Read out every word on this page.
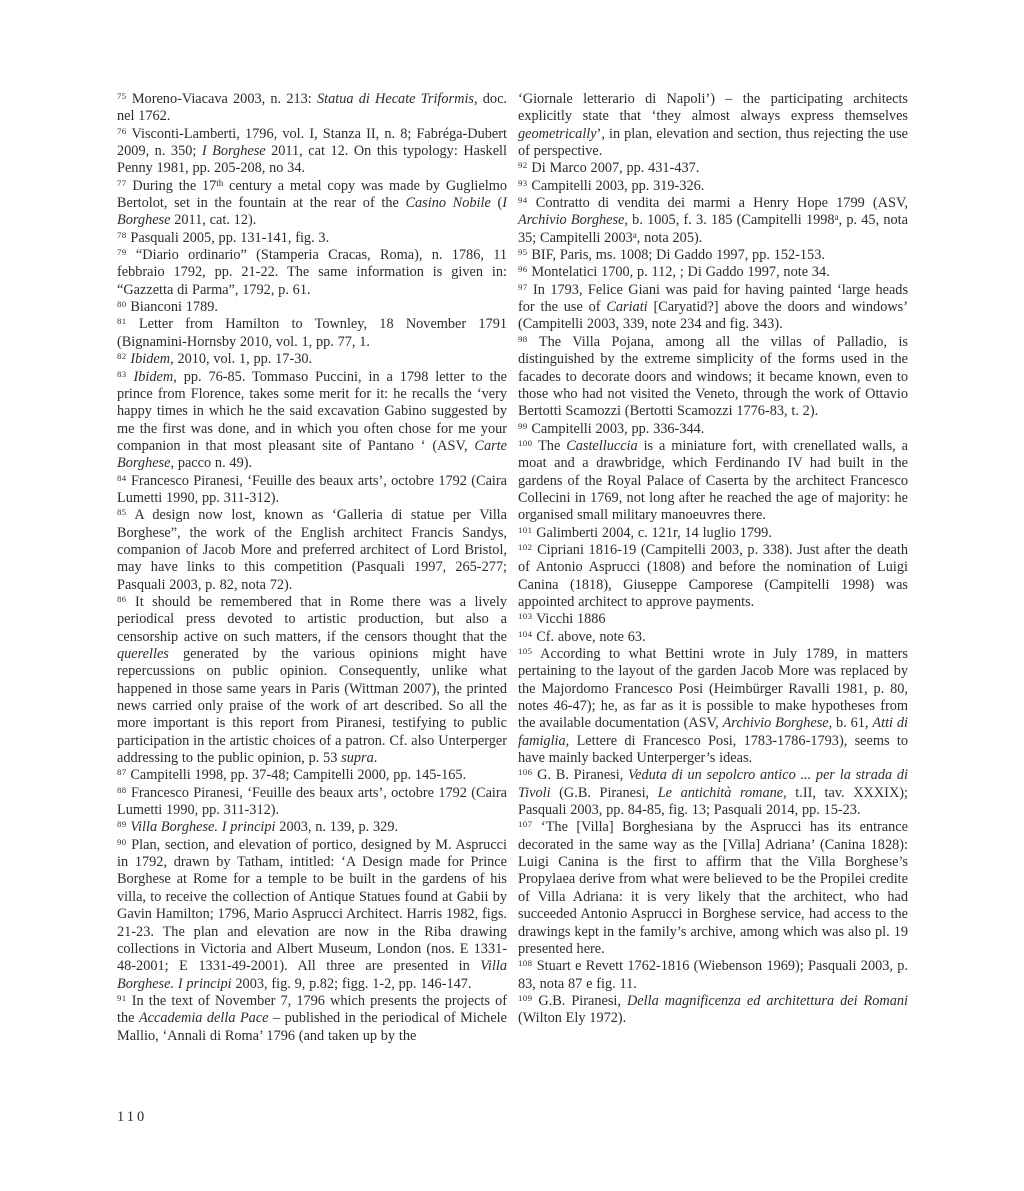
$^{75}$ Moreno-Viacava 2003, n. 213: Statua di Hecate Triformis, doc. nel 1762.

$^{76}$ Visconti-Lamberti, 1796, vol. I, Stanza II, n. 8; Fabréga-Dubert 2009, n. 350; I Borghese 2011, cat 12. On this typology: Haskell Penny 1981, pp. 205-208, no 34.

$^{77}$ During the 17th century a metal copy was made by Guglielmo Bertolot, set in the fountain at the rear of the Casino Nobile (I Borghese 2011, cat. 12).

$^{78}$ Pasquali 2005, pp. 131-141, fig. 3.

$^{79}$ “Diario ordinario” (Stamperia Cracas, Roma), n. 1786, 11 febbraio 1792, pp. 21-22. The same information is given in: “Gazzetta di Parma”, 1792, p. 61.

$^{80}$ Bianconi 1789.

$^{81}$ Letter from Hamilton to Townley, 18 November 1791 (Bignamini-Hornsby 2010, vol. 1, pp. 77, 1.

$^{82}$ Ibidem, 2010, vol. 1, pp. 17-30.

$^{83}$ Ibidem, pp. 76-85. Tommaso Puccini, in a 1798 letter to the prince from Florence, takes some merit for it: he recalls the ‘very happy times in which he the said excavation Gabino suggested by me the first was done, and in which you often chose for me your companion in that most pleasant site of Pantano ‘ (ASV, Carte Borghese, pacco n. 49).

$^{84}$ Francesco Piranesi, ‘Feuille des beaux arts’, octobre 1792 (Caira Lumetti 1990, pp. 311-312).

$^{85}$ A design now lost, known as ‘Galleria di statue per Villa Borghese”, the work of the English architect Francis Sandys, companion of Jacob More and preferred architect of Lord Bristol, may have links to this competition (Pasquali 1997, 265-277; Pasquali 2003, p. 82, nota 72).

$^{86}$ It should be remembered that in Rome there was a lively periodical press devoted to artistic production, but also a censorship active on such matters, if the censors thought that the querelles generated by the various opinions might have repercussions on public opinion. Consequently, unlike what happened in those same years in Paris (Wittman 2007), the printed news carried only praise of the work of art described. So all the more important is this report from Piranesi, testifying to public participation in the artistic choices of a patron. Cf. also Unterperger addressing to the public opinion, p. 53 supra.

$^{87}$ Campitelli 1998, pp. 37-48; Campitelli 2000, pp. 145-165.

$^{88}$ Francesco Piranesi, ‘Feuille des beaux arts’, octobre 1792 (Caira Lumetti 1990, pp. 311-312).

$^{89}$ Villa Borghese. I principi 2003, n. 139, p. 329.

$^{90}$ Plan, section, and elevation of portico, designed by M. Asprucci in 1792, drawn by Tatham, intitled: ‘A Design made for Prince Borghese at Rome for a temple to be built in the gardens of his villa, to receive the collection of Antique Statues found at Gabii by Gavin Hamilton; 1796, Mario Asprucci Architect. Harris 1982, figs. 21-23. The plan and elevation are now in the Riba drawing collections in Victoria and Albert Museum, London (nos. E 1331-48-2001; E 1331-49-2001). All three are presented in Villa Borghese. I principi 2003, fig. 9, p.82; figg. 1-2, pp. 146-147.

$^{91}$ In the text of November 7, 1796 which presents the projects of the Accademia della Pace – published in the periodical of Michele Mallio, ‘Annali di Roma’ 1796 (and taken up by the

‘Giornale letterario di Napoli’) – the participating architects explicitly state that ‘they almost always express themselves geometrically’, in plan, elevation and section, thus rejecting the use of perspective.

$^{92}$ Di Marco 2007, pp. 431-437.

$^{93}$ Campitelli 2003, pp. 319-326.

$^{94}$ Contratto di vendita dei marmi a Henry Hope 1799 (ASV, Archivio Borghese, b. 1005, f. 3. 185 (Campitelli 1998$^a$, p. 45, nota 35; Campitelli 2003$^a$, nota 205).

$^{95}$ BIF, Paris, ms. 1008; Di Gaddo 1997, pp. 152-153.

$^{96}$ Montelatici 1700, p. 112, ; Di Gaddo 1997, note 34.

$^{97}$ In 1793, Felice Giani was paid for having painted ‘large heads for the use of Cariati [Caryatid?] above the doors and windows’ (Campitelli 2003, 339, note 234 and fig. 343).

$^{98}$ The Villa Pojana, among all the villas of Palladio, is distinguished by the extreme simplicity of the forms used in the facades to decorate doors and windows; it became known, even to those who had not visited the Veneto, through the work of Ottavio Bertotti Scamozzi (Bertotti Scamozzi 1776-83, t. 2).

$^{99}$ Campitelli 2003, pp. 336-344.

$^{100}$ The Castelluccia is a miniature fort, with crenellated walls, a moat and a drawbridge, which Ferdinando IV had built in the gardens of the Royal Palace of Caserta by the architect Francesco Collecini in 1769, not long after he reached the age of majority: he organised small military manoeuvres there.

$^{101}$ Galimberti 2004, c. 121r, 14 luglio 1799.

$^{102}$ Cipriani 1816-19 (Campitelli 2003, p. 338). Just after the death of Antonio Asprucci (1808) and before the nomination of Luigi Canina (1818), Giuseppe Camporese (Campitelli 1998) was appointed architect to approve payments.

$^{103}$ Vicchi 1886

$^{104}$ Cf. above, note 63.

$^{105}$ According to what Bettini wrote in July 1789, in matters pertaining to the layout of the garden Jacob More was replaced by the Majordomo Francesco Posi (Heimbürger Ravalli 1981, p. 80, notes 46-47); he, as far as it is possible to make hypotheses from the available documentation (ASV, Archivio Borghese, b. 61, Atti di famiglia, Lettere di Francesco Posi, 1783-1786-1793), seems to have mainly backed Unterperger’s ideas.

$^{106}$ G. B. Piranesi, Veduta di un sepolcro antico ... per la strada di Tivoli (G.B. Piranesi, Le antichità romane, t.II, tav. XXXIX); Pasquali 2003, pp. 84-85, fig. 13; Pasquali 2014, pp. 15-23.

$^{107}$ ‘The [Villa] Borghesiana by the Asprucci has its entrance decorated in the same way as the [Villa] Adriana’ (Canina 1828): Luigi Canina is the first to affirm that the Villa Borghese’s Propylaea derive from what were believed to be the Propilei credite of Villa Adriana: it is very likely that the architect, who had succeeded Antonio Asprucci in Borghese service, had access to the drawings kept in the family’s archive, among which was also pl. 19 presented here.

$^{108}$ Stuart e Revett 1762-1816 (Wiebenson 1969); Pasquali 2003, p. 83, nota 87 e fig. 11.

$^{109}$ G.B. Piranesi, Della magnificenza ed architettura dei Romani (Wilton Ely 1972).

110
